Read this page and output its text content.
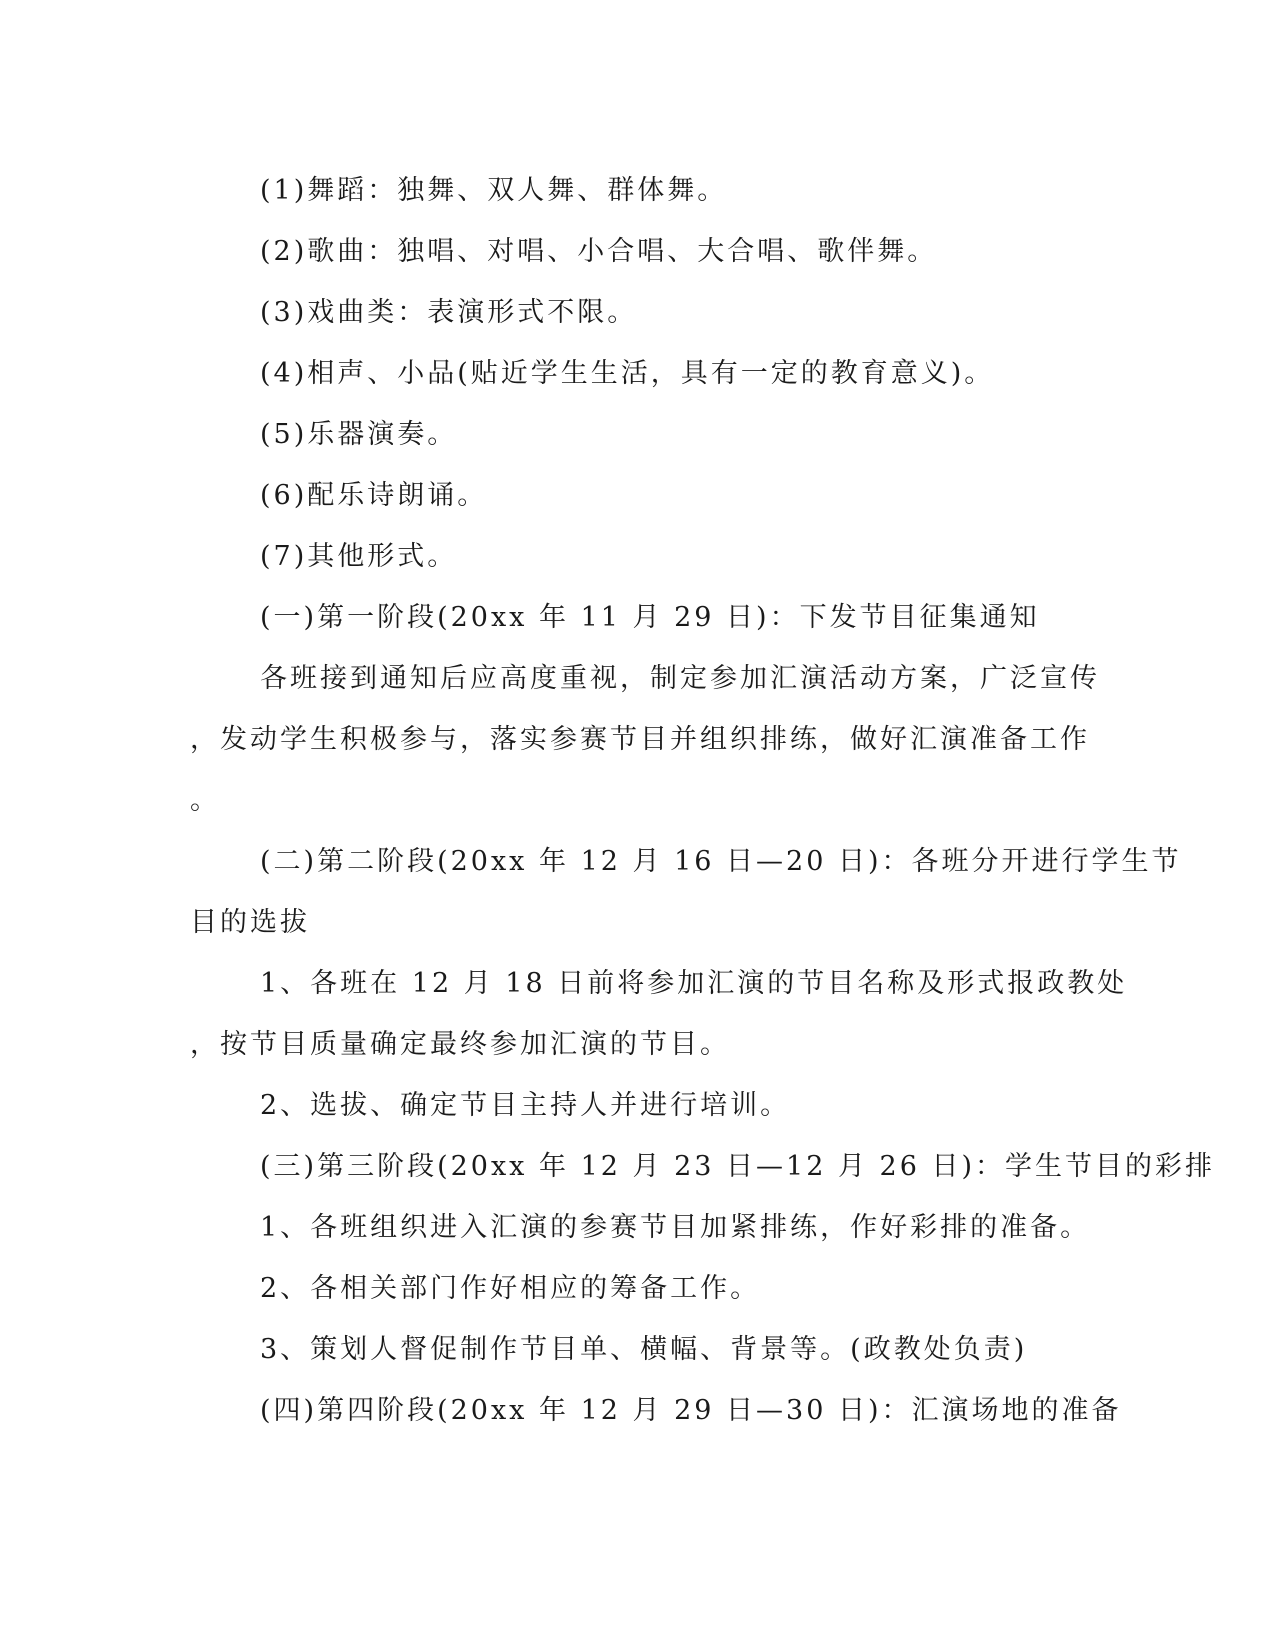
(1)舞蹈：独舞、双人舞、群体舞。
(2)歌曲：独唱、对唱、小合唱、大合唱、歌伴舞。
(3)戏曲类：表演形式不限。
(4)相声、小品(贴近学生生活，具有一定的教育意义)。
(5)乐器演奏。
(6)配乐诗朗诵。
(7)其他形式。
(一)第一阶段(20xx 年 11 月 29 日)：下发节目征集通知
各班接到通知后应高度重视，制定参加汇演活动方案，广泛宣传
，发动学生积极参与，落实参赛节目并组织排练，做好汇演准备工作
。
(二)第二阶段(20xx 年 12 月 16 日—20 日)：各班分开进行学生节
目的选拔
1、各班在 12 月 18 日前将参加汇演的节目名称及形式报政教处
，按节目质量确定最终参加汇演的节目。
2、选拔、确定节目主持人并进行培训。
(三)第三阶段(20xx 年 12 月 23 日—12 月 26 日)：学生节目的彩排
1、各班组织进入汇演的参赛节目加紧排练，作好彩排的准备。
2、各相关部门作好相应的筹备工作。
3、策划人督促制作节目单、横幅、背景等。(政教处负责)
(四)第四阶段(20xx 年 12 月 29 日—30 日)：汇演场地的准备
